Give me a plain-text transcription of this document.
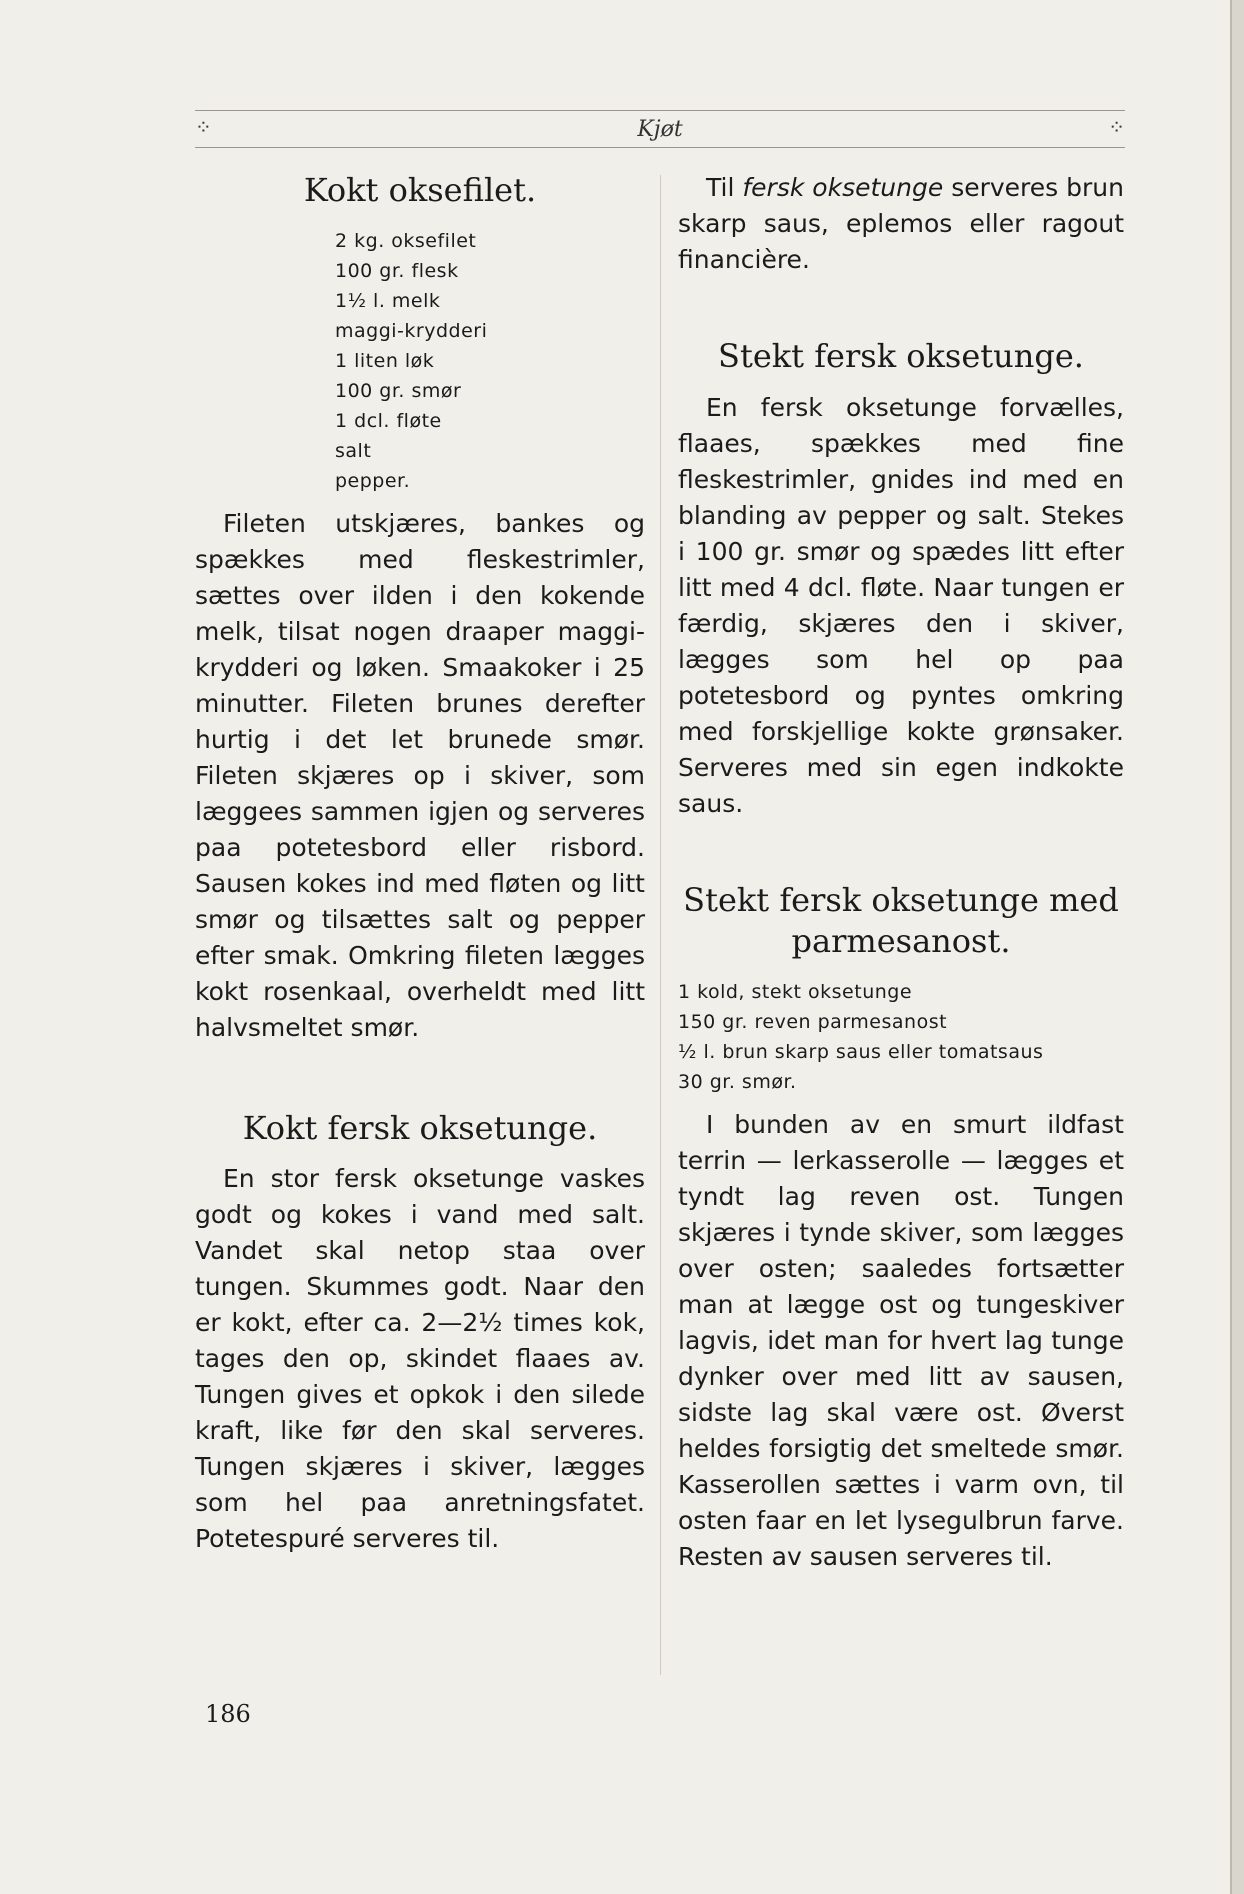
⁘	Kjøt	⁘
Kokt oksefilet.
2 kg. oksefilet
100 gr. flesk
1½ l. melk
maggi-krydderi
1 liten løk
100 gr. smør
1 dcl. fløte
salt
pepper.

Fileten utskjæres, bankes og spækkes med fleskestrimler, sættes over ilden i den kokende melk, tilsat nogen draaper maggi-krydderi og løken. Smaakoker i 25 minutter. Fileten brunes derefter hurtig i det let brunede smør. Fileten skjæres op i skiver, som læggees sammen igjen og serveres paa potetesbord eller risbord. Sausen kokes ind med fløten og litt smør og tilsættes salt og pepper efter smak. Omkring fileten lægges kokt rosenkaal, overheldt med litt halvsmeltet smør.

Kokt fersk oksetunge.

En stor fersk oksetunge vaskes godt og kokes i vand med salt. Vandet skal netop staa over tungen. Skummes godt. Naar den er kokt, efter ca. 2—2½ times kok, tages den op, skindet flaaes av. Tungen gives et opkok i den silede kraft, like før den skal serveres. Tungen skjæres i skiver, lægges som hel paa anretningsfatet. Potetespuré serveres til.

Til fersk oksetunge serveres brun skarp saus, eplemos eller ragout financière.

Stekt fersk oksetunge.

En fersk oksetunge forvælles, flaaes, spækkes med fine fleskestrimler, gnides ind med en blanding av pepper og salt. Stekes i 100 gr. smør og spædes litt efter litt med 4 dcl. fløte. Naar tungen er færdig, skjæres den i skiver, lægges som hel op paa potetesbord og pyntes omkring med forskjellige kokte grønsaker. Serveres med sin egen indkokte saus.

Stekt fersk oksetunge med parmesanost.
1 kold, stekt oksetunge
150 gr. reven parmesanost
½ l. brun skarp saus eller tomatsaus
30 gr. smør.

I bunden av en smurt ildfast terrin — lerkasserolle — lægges et tyndt lag reven ost. Tungen skjæres i tynde skiver, som lægges over osten; saaledes fortsætter man at lægge ost og tungeskiver lagvis, idet man for hvert lag tunge dynker over med litt av sausen, sidste lag skal være ost. Øverst heldes forsigtig det smeltede smør. Kasserollen sættes i varm ovn, til osten faar en let lysegulbrun farve. Resten av sausen serveres til.

186
